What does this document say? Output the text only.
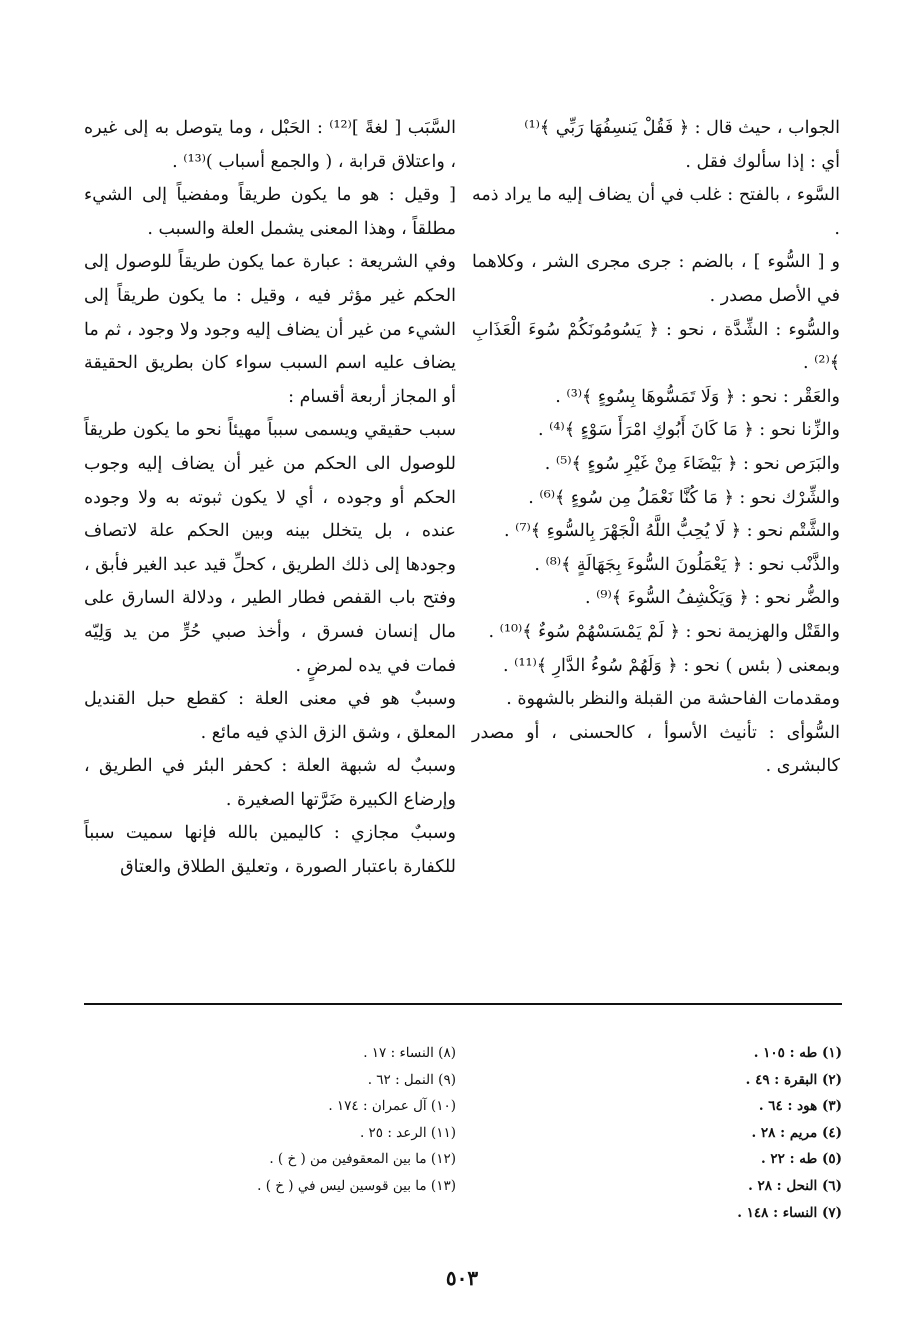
الجواب ، حيث قال : ﴿ فَقُلْ يَنسِفُهَا رَبِّي ﴾⁽¹⁾

أي : إذا سألوك فقل .

السَّوء ، بالفتح : غلب في أن يضاف إليه ما يراد ذمه .

و [ السُّوء ] ، بالضم : جرى مجرى الشر ، وكلاهما في الأصل مصدر .

والسُّوء : الشِّدَّة ، نحو : ﴿ يَسُومُونَكُمْ سُوءَ الْعَذَابِ ﴾⁽²⁾ .

والعَقْر : نحو : ﴿ وَلَا تَمَسُّوهَا بِسُوءٍ ﴾⁽³⁾ .

والزِّنا نحو : ﴿ مَا كَانَ أَبُوكِ امْرَأَ سَوْءٍ ﴾⁽⁴⁾ .

والبَرَص نحو : ﴿ بَيْضَاءَ مِنْ غَيْرِ سُوءٍ ﴾⁽⁵⁾ .

والشِّرْك نحو : ﴿ مَا كُنَّا نَعْمَلُ مِن سُوءٍ ﴾⁽⁶⁾ .

والشَّتْم نحو : ﴿ لَا يُحِبُّ اللَّهُ الْجَهْرَ بِالسُّوءِ ﴾⁽⁷⁾ .

والذَّنْب نحو : ﴿ يَعْمَلُونَ السُّوءَ بِجَهَالَةٍ ﴾⁽⁸⁾ .

والضُّر نحو : ﴿ وَيَكْشِفُ السُّوءَ ﴾⁽⁹⁾ .

والقَتْل والهزيمة نحو : ﴿ لَمْ يَمْسَسْهُمْ سُوءٌ ﴾⁽¹⁰⁾ .

وبمعنى ( بئس ) نحو : ﴿ وَلَهُمْ سُوءُ الدَّارِ ﴾⁽¹¹⁾ .

ومقدمات الفاحشة من القبلة والنظر بالشهوة .

السُّوأى : تأنيث الأسوأ ، كالحسنى ، أو مصدر كالبشرى .

السَّبَب [ لغةً ]⁽¹²⁾ : الحَبْل ، وما يتوصل به إلى غيره ، واعتلاق قرابة ، ( والجمع أسباب )⁽¹³⁾ .

[ وقيل : هو ما يكون طريقاً ومفضياً إلى الشيء مطلقاً ، وهذا المعنى يشمل العلة والسبب .

وفي الشريعة : عبارة عما يكون طريقاً للوصول إلى الحكم غير مؤثر فيه ، وقيل : ما يكون طريقاً إلى الشيء من غير أن يضاف إليه وجود ولا وجود ، ثم ما يضاف عليه اسم السبب سواء كان بطريق الحقيقة أو المجاز أربعة أقسام :

سبب حقيقي ويسمى سبباً مهيئاً نحو ما يكون طريقاً للوصول الى الحكم من غير أن يضاف إليه وجوب الحكم أو وجوده ، أي لا يكون ثبوته به ولا وجوده عنده ، بل يتخلل بينه وبين الحكم علة لاتصاف وجودها إلى ذلك الطريق ، كحلِّ قيد عبد الغير فأبق ، وفتح باب القفص فطار الطير ، ودلالة السارق على مال إنسان فسرق ، وأخذ صبي حُرٍّ من يد وَلِيّه فمات في يده لمرضٍ .

وسببٌ هو في معنى العلة : كقطع حبل القنديل المعلق ، وشق الزق الذي فيه مائع .

وسببٌ له شبهة العلة : كحفر البئر في الطريق ، وإرضاع الكبيرة ضَرَّتها الصغيرة .

وسببٌ مجازي : كاليمين بالله فإنها سميت سبباً للكفارة باعتبار الصورة ، وتعليق الطلاق والعتاق

(١) طه : ١٠٥ .
(٢) البقرة : ٤٩ .
(٣) هود : ٦٤ .
(٤) مريم : ٢٨ .
(٥) طه : ٢٢ .
(٦) النحل : ٢٨ .
(٧) النساء : ١٤٨ .
(٨) النساء : ١٧ .
(٩) النمل : ٦٢ .
(١٠) آل عمران : ١٧٤ .
(١١) الرعد : ٢٥ .
(١٢) ما بين المعقوفين من ( خ ) .
(١٣) ما بين قوسين ليس في ( خ ) .
٥٠٣
